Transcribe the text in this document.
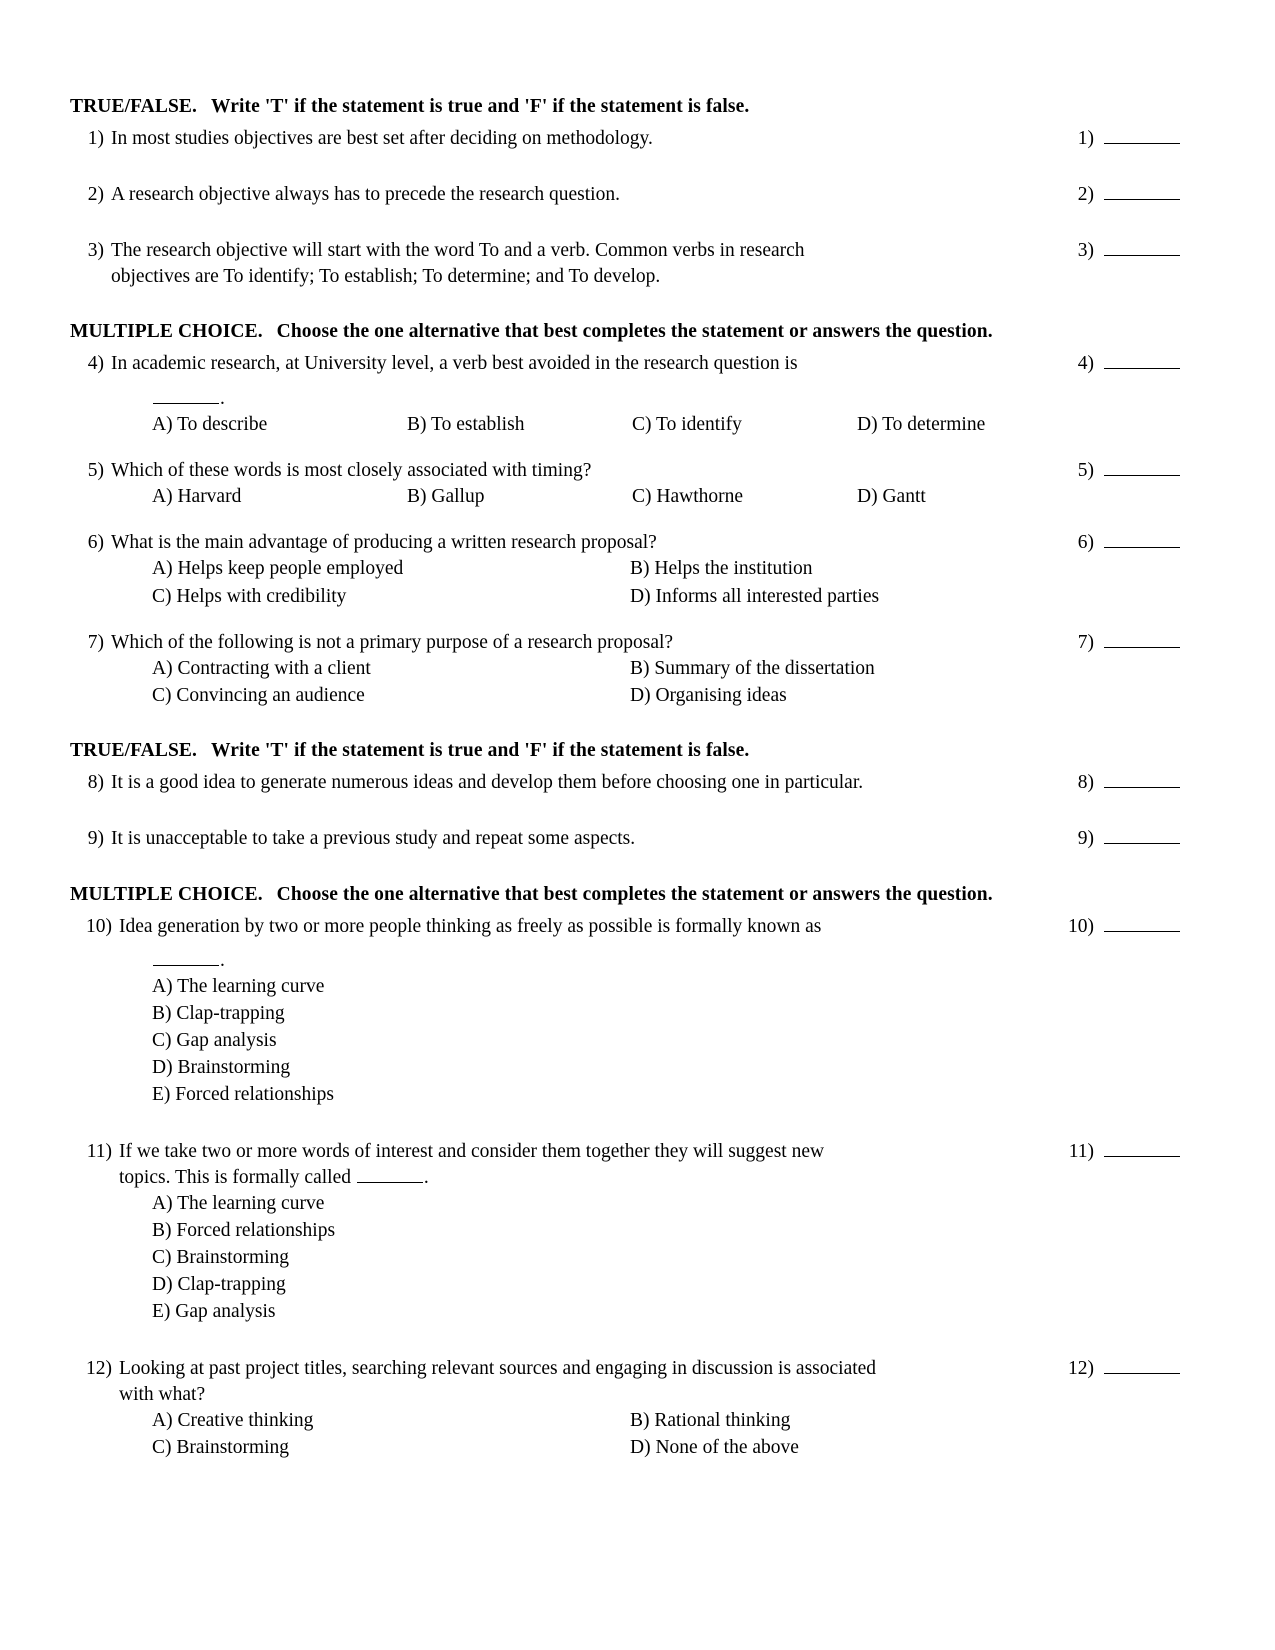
TRUE/FALSE. Write 'T' if the statement is true and 'F' if the statement is false.
1) In most studies objectives are best set after deciding on methodology.	1)
2) A research objective always has to precede the research question.	2)
3) The research objective will start with the word To and a verb. Common verbs in research
objectives are To identify; To establish; To determine; and To develop.
3)
MULTIPLE CHOICE. Choose the one alternative that best completes the statement or answers the question.
4) In academic research, at University level, a verb best avoided in the research question is	4)
.
A) To describe	B) To establish	C) To identify	D) To determine
5) Which of these words is most closely associated with timing?	5)
A) Harvard	B) Gallup	C) Hawthorne	D) Gantt
6) What is the main advantage of producing a written research proposal?	6)
A) Helps keep people employed	B) Helps the institution
C) Helps with credibility	D) Informs all interested parties
7) Which of the following is not a primary purpose of a research proposal?	7)
A) Contracting with a client	B) Summary of the dissertation
C) Convincing an audience	D) Organising ideas
TRUE/FALSE. Write 'T' if the statement is true and 'F' if the statement is false.
8) It is a good idea to generate numerous ideas and develop them before choosing one in particular.	8)
9) It is unacceptable to take a previous study and repeat some aspects.	9)
MULTIPLE CHOICE. Choose the one alternative that best completes the statement or answers the question.
10) Idea generation by two or more people thinking as freely as possible is formally known as	10)
.
A) The learning curve
B) Clap-trapping
C) Gap analysis
D) Brainstorming
E) Forced relationships
11) If we take two or more words of interest and consider them together they will suggest new
topics. This is formally called	.
11)
A) The learning curve
B) Forced relationships
C) Brainstorming
D) Clap-trapping
E) Gap analysis
12) Looking at past project titles, searching relevant sources and engaging in discussion is associated
with what?
12)
A) Creative thinking	B) Rational thinking
C) Brainstorming	D) None of the above
